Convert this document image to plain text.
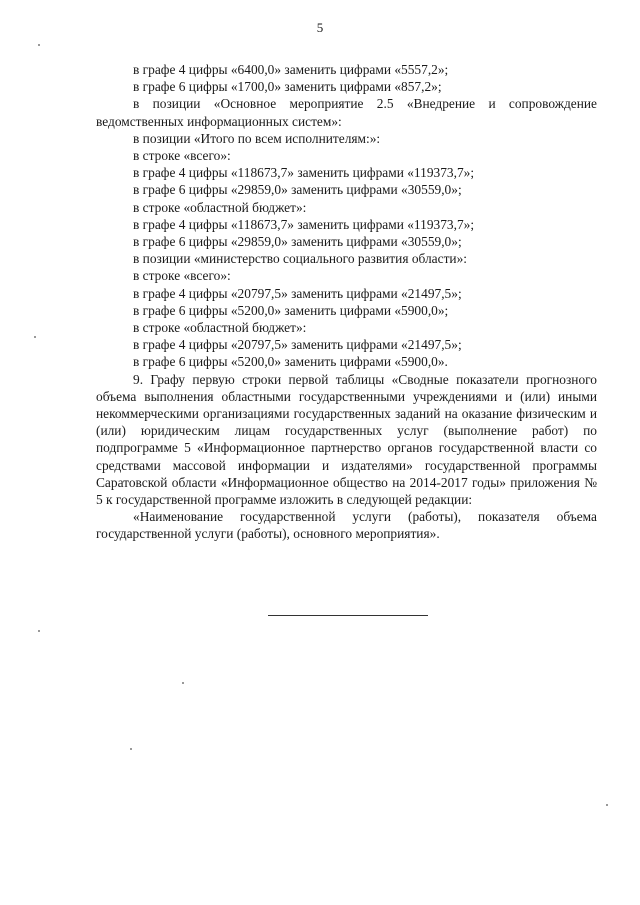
5
в графе 4 цифры «6400,0» заменить цифрами «5557,2»;
в графе 6 цифры «1700,0» заменить цифрами «857,2»;

в позиции «Основное мероприятие 2.5 «Внедрение и сопровождение ведомственных информационных систем»:

в позиции «Итого по всем исполнителям:»:
в строке «всего»:
в графе 4 цифры «118673,7» заменить цифрами «119373,7»;
в графе 6 цифры «29859,0» заменить цифрами «30559,0»;
в строке «областной бюджет»:
в графе 4 цифры «118673,7» заменить цифрами «119373,7»;
в графе 6 цифры «29859,0» заменить цифрами «30559,0»;
в позиции «министерство социального развития области»:
в строке «всего»:
в графе 4 цифры «20797,5» заменить цифрами «21497,5»;
в графе 6 цифры «5200,0» заменить цифрами «5900,0»;
в строке «областной бюджет»:
в графе 4 цифры «20797,5» заменить цифрами «21497,5»;
в графе 6 цифры «5200,0» заменить цифрами «5900,0».

9. Графу первую строки первой таблицы «Сводные показатели прогнозного объема выполнения областными государственными учреждениями и (или) иными некоммерческими организациями государственных заданий на оказание физическим и (или) юридическим лицам государственных услуг (выполнение работ) по подпрограмме 5 «Информационное партнерство органов государственной власти со средствами массовой информации и издателями» государственной программы Саратовской области «Информационное общество на 2014-2017 годы» приложения № 5 к государственной программе изложить в следующей редакции:

«Наименование государственной услуги (работы), показателя объема государственной услуги (работы), основного мероприятия».
